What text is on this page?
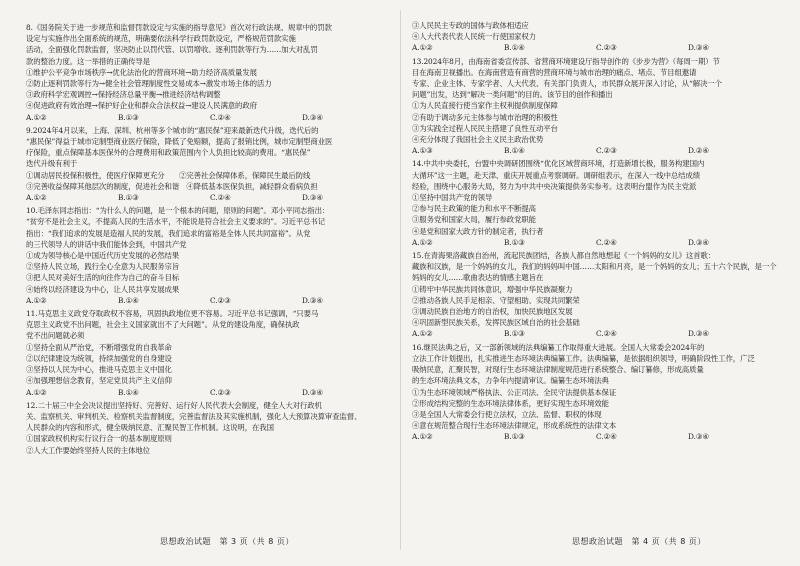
8.《国务院关于进一步规范和监督罚款设定与实施的指导意见》首次对行政法规、规章中的罚款
设定与实施作出全面系统的规范，明确要依法科学行政罚款设定，严格规范罚款实施
活动，全面强化罚款监督，坚决防止以罚代管、以罚增收、逐利罚款等行为……加大对乱罚
款的整治力度。这一举措的正确传导是
①维护公平竞争市场秩序→优化法治化的营商环境→助力经济高质量发展
②防止逐利罚款等行为→健全社会管理制度性交易成本→激发市场主体的活力
③政府科学宏观调控→保持经济总量平衡→推进经济结构调整
④促进政府有效治理→保护好企业和群众合法权益→建设人民满意的政府
A.①②	B.①③	C.②④	D.③④
9.2024年4月以来，上海、深圳、杭州等多个城市的“惠民保”迎来最新迭代升级，迭代后的
“惠民保”得益于城市定制型商业医疗保险，降低了免赔额，提高了报销比例，城市定制型商业医
疗保险，重点保障基本医保外的合理费用和政策范围内个人负担比较高的费用。“惠民保”
迭代升级有利于
①调动居民投保积极性，使医疗保障更充分　　②完善社会保障体系，保障民生最后防线
③完善收益保障其他层次的制度，促进社会和谐　④降低基本医保负担，减轻群众看病负担
A.①②	B.①③	C.②④	D.③④
10.毛泽东同志指出：“为什么人的问题，是一个根本的问题，原则的问题”。邓小平同志指出：
“贫穷不是社会主义，不提高人民的生活水平，不能说是符合社会主义要求的”。习近平总书记
指出：“我们追求的发展是造福人民的发展，我们追求的富裕是全体人民共同富裕”。从党
的三代领导人的讲话中我们能体会到，中国共产党
①成为领导核心是中国近代历史发展的必然结果
②坚持人民立场，践行全心全意为人民服务宗旨
③把人民对美好生活的向往作为自己的奋斗目标
④始终以经济建设为中心，让人民共享发展成果
A.①②	B.①④	C.②③	D.③④
11.马克思主义政党夺取政权不容易，巩固执政地位更不容易。习近平总书记强调，“只要马
克思主义政党不出问题，社会主义国家就出不了大问题”。从党的建设角度，确保执政
党不出问题就必须
①坚持全面从严治党，不断增强党的自我革命
②以纪律建设为统领，持续加强党的自身建设
③坚持以人民为中心，推进马克思主义中国化
④加强理想信念教育，坚定党员共产主义信仰
A.①②	B.①④	C.②③	D.③④
12.二十届三中全会决议提出坚持好、完善好、运行好人民代表大会制度，健全人大对行政机
关、监察机关、审判机关、检察机关监督制度，完善监督法及其实施机制，强化人大预算决算审查监督、
人民群众的内容和形式，健全吸纳民意、汇聚民智工作机制。这说明，在我国
①国家政权机构实行议行合一的基本制度原则
②人大工作要始终坚持人民的主体地位
③人民民主专政的国体与政体相适应
④人大代表代表人民统一行使国家权力
A.①②	B.①④	C.②③	D.③④
13.2024年8月，由海南省委宣传部、省营商环境建设厅指导创作的《步步为营》（每周一期）节
目在海南卫视播出。在海南营造有商营的营商环境与城市治理的痛点、堵点、节目组邀请
专家、企业主体、专家学者、人大代表、有关部门负责人，市民群众展开深入讨论，从“解决一个
问题”出发，达到“解决一类问题”的目的。该节目的创作和播出
①为人民直接行使当家作主权利提供制度保障
②有助于调动多元主体参与城市治理的积极性
③为实践全过程人民民主搭建了良性互动平台
④充分体现了我国社会主义民主政治优势
A.①③	B.①④	C.②③	D.②④
14.中共中央委托，台盟中央调研团围绕“优化区域营商环境，打造新增长极，服务构建国内
大循环”这一主题，赴天津、重庆开展重点考察调研。调研组表示，在深入一线中总结成绩
经验，围绕中心服务大局，努力为中共中央决策提供务实参考。这表明台盟作为民主党派
①坚持中国共产党的领导
②参与民主政策的能力和水平不断提高
③服务党和国家大局，履行参政党职能
④是党和国家大政方针的制定者，执行者
A.①②	B.①③	C.②④	D.③④
15.在青海果洛藏族自治州，流起民族团结，各族人都自然地想起《一个妈妈的女儿》这首歌：
藏族和汉族，是一个妈妈的女儿，我们的妈妈叫中国……太阳和月亮，是一个妈妈的女儿；五十六个民族，是一个
妈妈的女儿……歌曲表达的情感主题旨在
①铸牢中华民族共同体意识，增强中华民族凝聚力
②推动各族人民手足相亲、守望相助、实现共同繁荣
③调动民族自治地方的自治权，加快民族地区发展
④巩固新型民族关系，发挥民族区域自治的社会基础
A.①②	B.①③	C.②④	D.③④
16.继民法典之后，又一部新领域的法典编纂工作取得重大进展。全国人大常委会2024年的
立法工作计划提出，扎实推进生态环境法典编纂工作。法典编纂，是依据组织领导，明确阶段性工作，广泛
吸纳民意，汇聚民智，对现行生态环境法律制度规范进行系统整合、编订纂修，形成高质量
的生态环境法典文本，力争年内提请审议。编纂生态环境法典
①为生态环境领域严格执法、公正司法、全民守法提供基本保证
②形成结构完整的生态环境法律体系，更好实现生态环境效能
③是全国人大常委会行使立法权，立法、监督、职权的体现
④意在规范整合现行生态环境法律规定，形成系统性的法律文本
A.①②	B.①③	C.②④	D.③④
思想政治试题　第 3 页（共 8 页）	思想政治试题　第 4 页（共 8 页）
